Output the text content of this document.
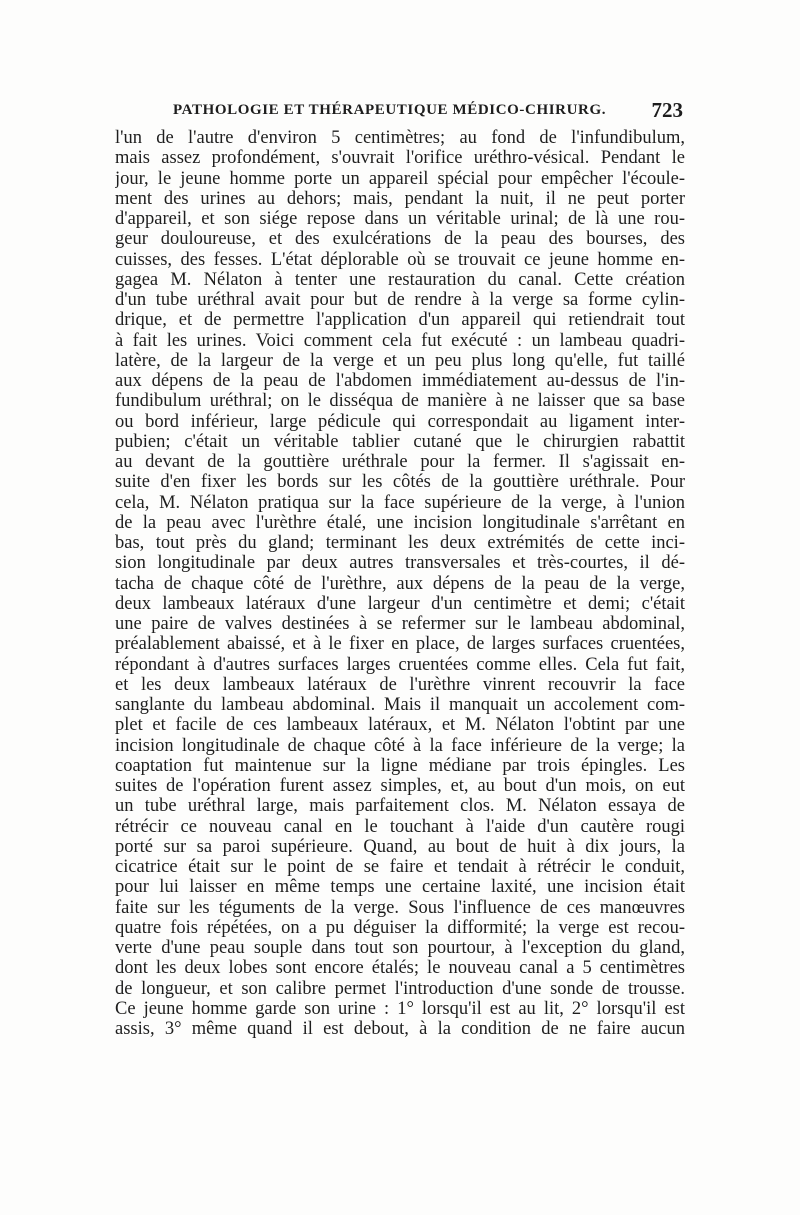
PATHOLOGIE ET THÉRAPEUTIQUE MÉDICO-CHIRURG. 723
l'un de l'autre d'environ 5 centimètres; au fond de l'infundibulum,
mais assez profondément, s'ouvrait l'orifice uréthro-vésical. Pendant le
jour, le jeune homme porte un appareil spécial pour empêcher l'écoule-
ment des urines au dehors; mais, pendant la nuit, il ne peut porter
d'appareil, et son siége repose dans un véritable urinal; de là une rou-
geur douloureuse, et des exulcérations de la peau des bourses, des
cuisses, des fesses. L'état déplorable où se trouvait ce jeune homme en-
gagea M. Nélaton à tenter une restauration du canal. Cette création
d'un tube uréthral avait pour but de rendre à la verge sa forme cylin-
drique, et de permettre l'application d'un appareil qui retiendrait tout
à fait les urines. Voici comment cela fut exécuté : un lambeau quadri-
latère, de la largeur de la verge et un peu plus long qu'elle, fut taillé
aux dépens de la peau de l'abdomen immédiatement au-dessus de l'in-
fundibulum uréthral; on le disséqua de manière à ne laisser que sa base
ou bord inférieur, large pédicule qui correspondait au ligament inter-
pubien; c'était un véritable tablier cutané que le chirurgien rabattit
au devant de la gouttière uréthrale pour la fermer. Il s'agissait en-
suite d'en fixer les bords sur les côtés de la gouttière uréthrale. Pour
cela, M. Nélaton pratiqua sur la face supérieure de la verge, à l'union
de la peau avec l'urèthre étalé, une incision longitudinale s'arrêtant en
bas, tout près du gland; terminant les deux extrémités de cette inci-
sion longitudinale par deux autres transversales et très-courtes, il dé-
tacha de chaque côté de l'urèthre, aux dépens de la peau de la verge,
deux lambeaux latéraux d'une largeur d'un centimètre et demi; c'était
une paire de valves destinées à se refermer sur le lambeau abdominal,
préalablement abaissé, et à le fixer en place, de larges surfaces cruentées,
répondant à d'autres surfaces larges cruentées comme elles. Cela fut fait,
et les deux lambeaux latéraux de l'urèthre vinrent recouvrir la face
sanglante du lambeau abdominal. Mais il manquait un accolement com-
plet et facile de ces lambeaux latéraux, et M. Nélaton l'obtint par une
incision longitudinale de chaque côté à la face inférieure de la verge; la
coaptation fut maintenue sur la ligne médiane par trois épingles. Les
suites de l'opération furent assez simples, et, au bout d'un mois, on eut
un tube uréthral large, mais parfaitement clos. M. Nélaton essaya de
rétrécir ce nouveau canal en le touchant à l'aide d'un cautère rougi
porté sur sa paroi supérieure. Quand, au bout de huit à dix jours, la
cicatrice était sur le point de se faire et tendait à rétrécir le conduit,
pour lui laisser en même temps une certaine laxité, une incision était
faite sur les téguments de la verge. Sous l'influence de ces manœuvres
quatre fois répétées, on a pu déguiser la difformité; la verge est recou-
verte d'une peau souple dans tout son pourtour, à l'exception du gland,
dont les deux lobes sont encore étalés; le nouveau canal a 5 centimètres
de longueur, et son calibre permet l'introduction d'une sonde de trousse.
Ce jeune homme garde son urine : 1° lorsqu'il est au lit, 2° lorsqu'il est
assis, 3° même quand il est debout, à la condition de ne faire aucun
